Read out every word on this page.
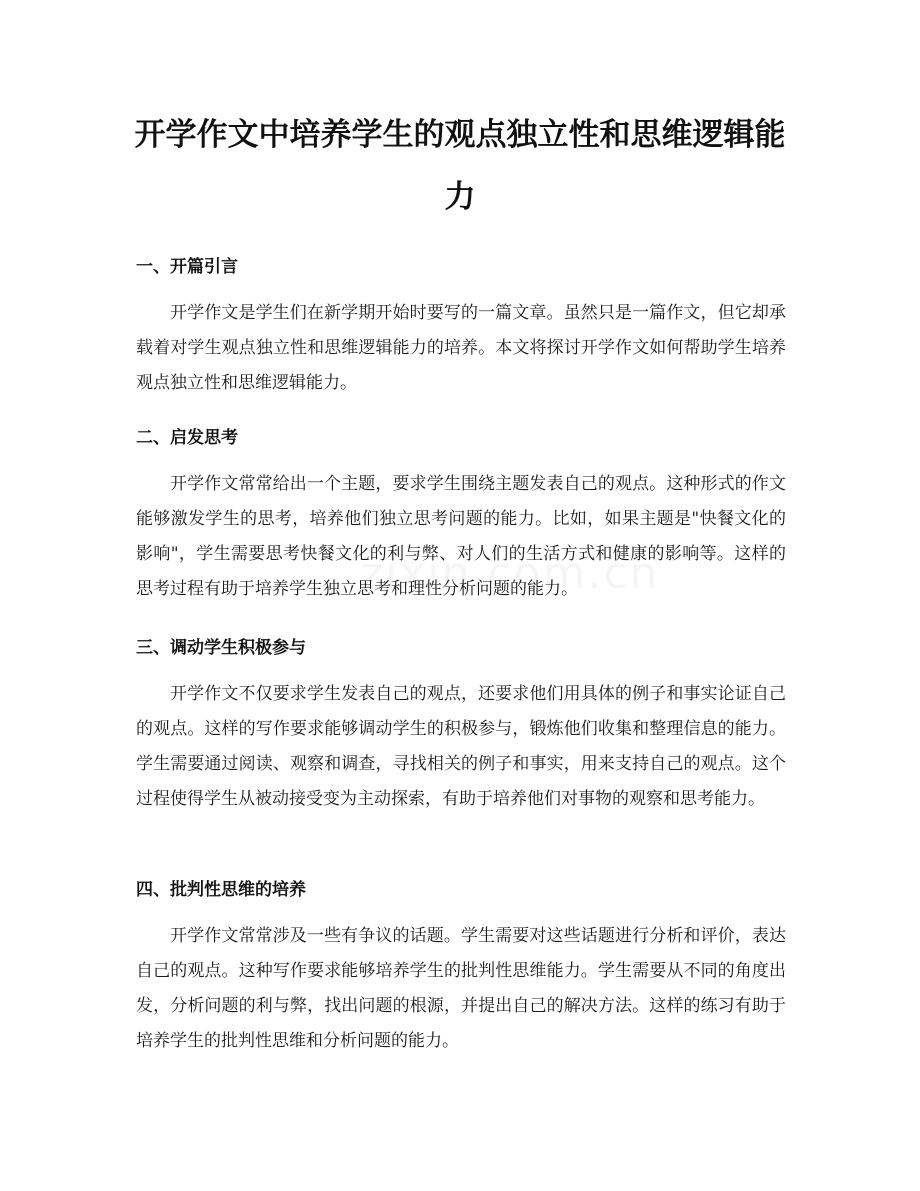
开学作文中培养学生的观点独立性和思维逻辑能力
一、开篇引言

开学作文是学生们在新学期开始时要写的一篇文章。虽然只是一篇作文，但它却承载着对学生观点独立性和思维逻辑能力的培养。本文将探讨开学作文如何帮助学生培养观点独立性和思维逻辑能力。

二、启发思考

开学作文常常给出一个主题，要求学生围绕主题发表自己的观点。这种形式的作文能够激发学生的思考，培养他们独立思考问题的能力。比如，如果主题是"快餐文化的影响"，学生需要思考快餐文化的利与弊、对人们的生活方式和健康的影响等。这样的思考过程有助于培养学生独立思考和理性分析问题的能力。

三、调动学生积极参与

开学作文不仅要求学生发表自己的观点，还要求他们用具体的例子和事实论证自己的观点。这样的写作要求能够调动学生的积极参与，锻炼他们收集和整理信息的能力。学生需要通过阅读、观察和调查，寻找相关的例子和事实，用来支持自己的观点。这个过程使得学生从被动接受变为主动探索，有助于培养他们对事物的观察和思考能力。

四、批判性思维的培养

开学作文常常涉及一些有争议的话题。学生需要对这些话题进行分析和评价，表达自己的观点。这种写作要求能够培养学生的批判性思维能力。学生需要从不同的角度出发，分析问题的利与弊，找出问题的根源，并提出自己的解决方法。这样的练习有助于培养学生的批判性思维和分析问题的能力。
